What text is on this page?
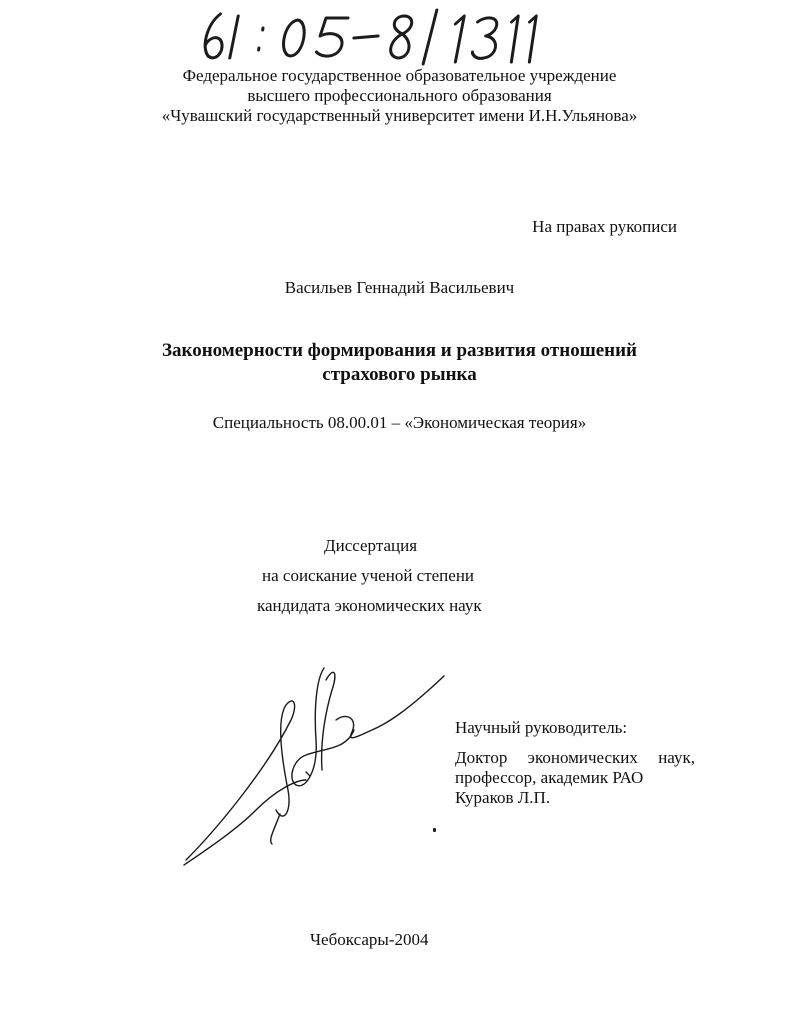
Федеральное государственное образовательное учреждение
высшего профессионального образования
«Чувашский государственный университет имени И.Н.Ульянова»
На правах рукописи
Васильев Геннадий Васильевич
Закономерности формирования и развития отношений
страхового рынка
Специальность 08.00.01 – «Экономическая теория»
Диссертация
на соискание ученой степени
кандидата экономических наук
Научный руководитель:
Доктор экономических наук,
профессор, академик РАО
Кураков Л.П.
Чебоксары-2004
